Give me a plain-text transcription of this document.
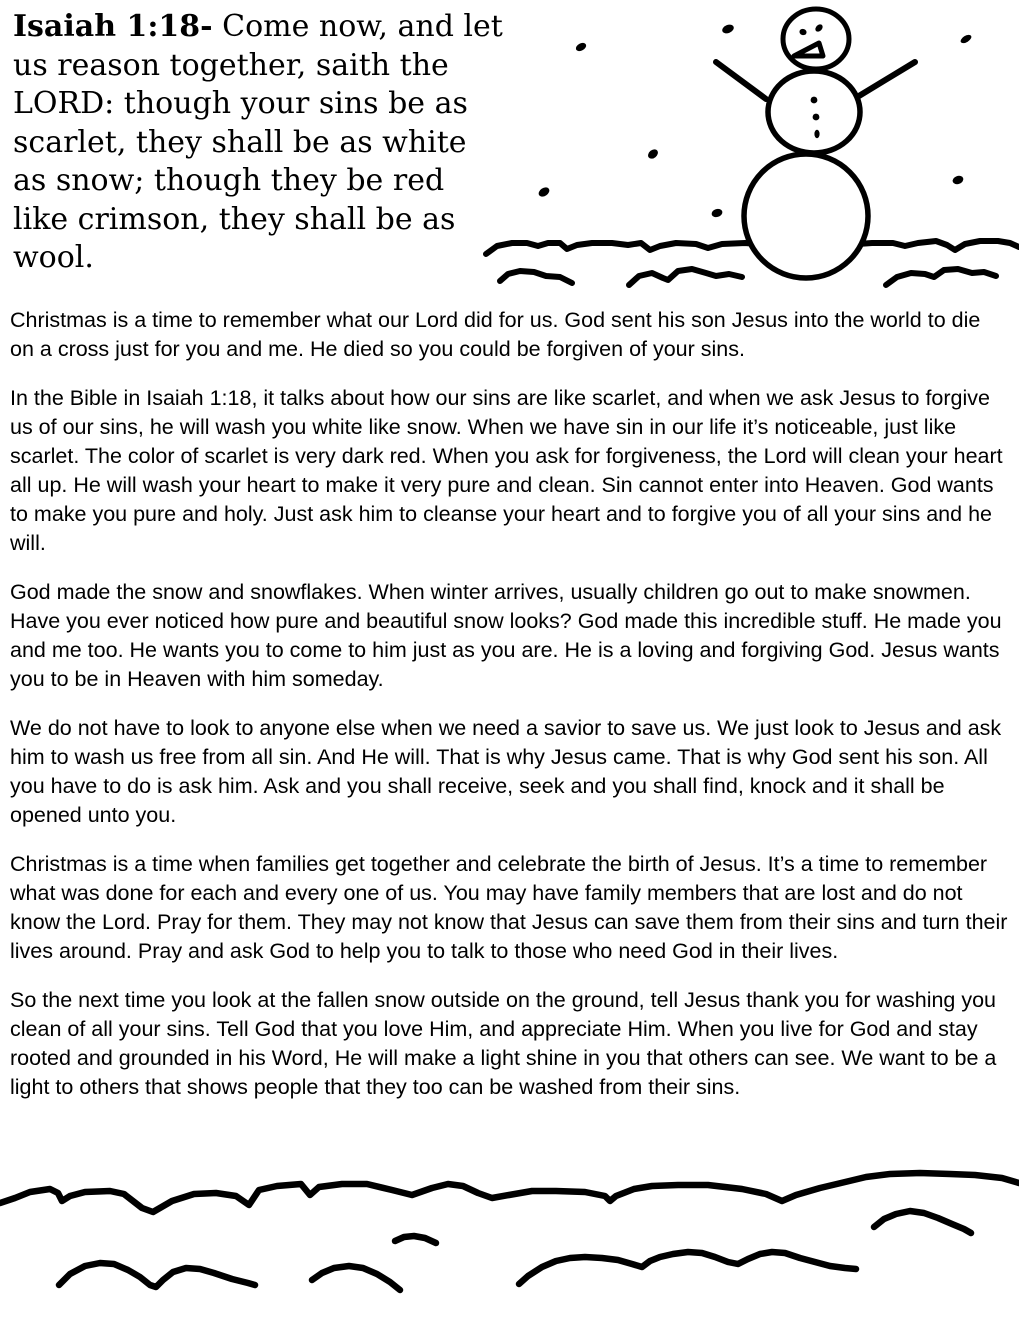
Isaiah 1:18- Come now, and let us reason together, saith the LORD: though your sins be as scarlet, they shall be as white as snow; though they be red like crimson, they shall be as wool.

Christmas is a time to remember what our Lord did for us. God sent his son Jesus into the world to die on a cross just for you and me. He died so you could be forgiven of your sins.

In the Bible in Isaiah 1:18, it talks about how our sins are like scarlet, and when we ask Jesus to forgive us of our sins, he will wash you white like snow. When we have sin in our life it’s noticeable, just like scarlet. The color of scarlet is very dark red. When you ask for forgiveness, the Lord will clean your heart all up. He will wash your heart to make it very pure and clean. Sin cannot enter into Heaven. God wants to make you pure and holy. Just ask him to cleanse your heart and to forgive you of all your sins and he will.

God made the snow and snowflakes. When winter arrives, usually children go out to make snowmen. Have you ever noticed how pure and beautiful snow looks? God made this incredible stuff. He made you and me too. He wants you to come to him just as you are. He is a loving and forgiving God. Jesus wants you to be in Heaven with him someday.

We do not have to look to anyone else when we need a savior to save us. We just look to Jesus and ask him to wash us free from all sin. And He will. That is why Jesus came. That is why God sent his son. All you have to do is ask him. Ask and you shall receive, seek and you shall find, knock and it shall be opened unto you.

Christmas is a time when families get together and celebrate the birth of Jesus. It’s a time to remember what was done for each and every one of us. You may have family members that are lost and do not know the Lord. Pray for them. They may not know that Jesus can save them from their sins and turn their lives around. Pray and ask God to help you to talk to those who need God in their lives.

So the next time you look at the fallen snow outside on the ground, tell Jesus thank you for washing you clean of all your sins. Tell God that you love Him, and appreciate Him. When you live for God and stay rooted and grounded in his Word, He will make a light shine in you that others can see. We want to be a light to others that shows people that they too can be washed from their sins.
